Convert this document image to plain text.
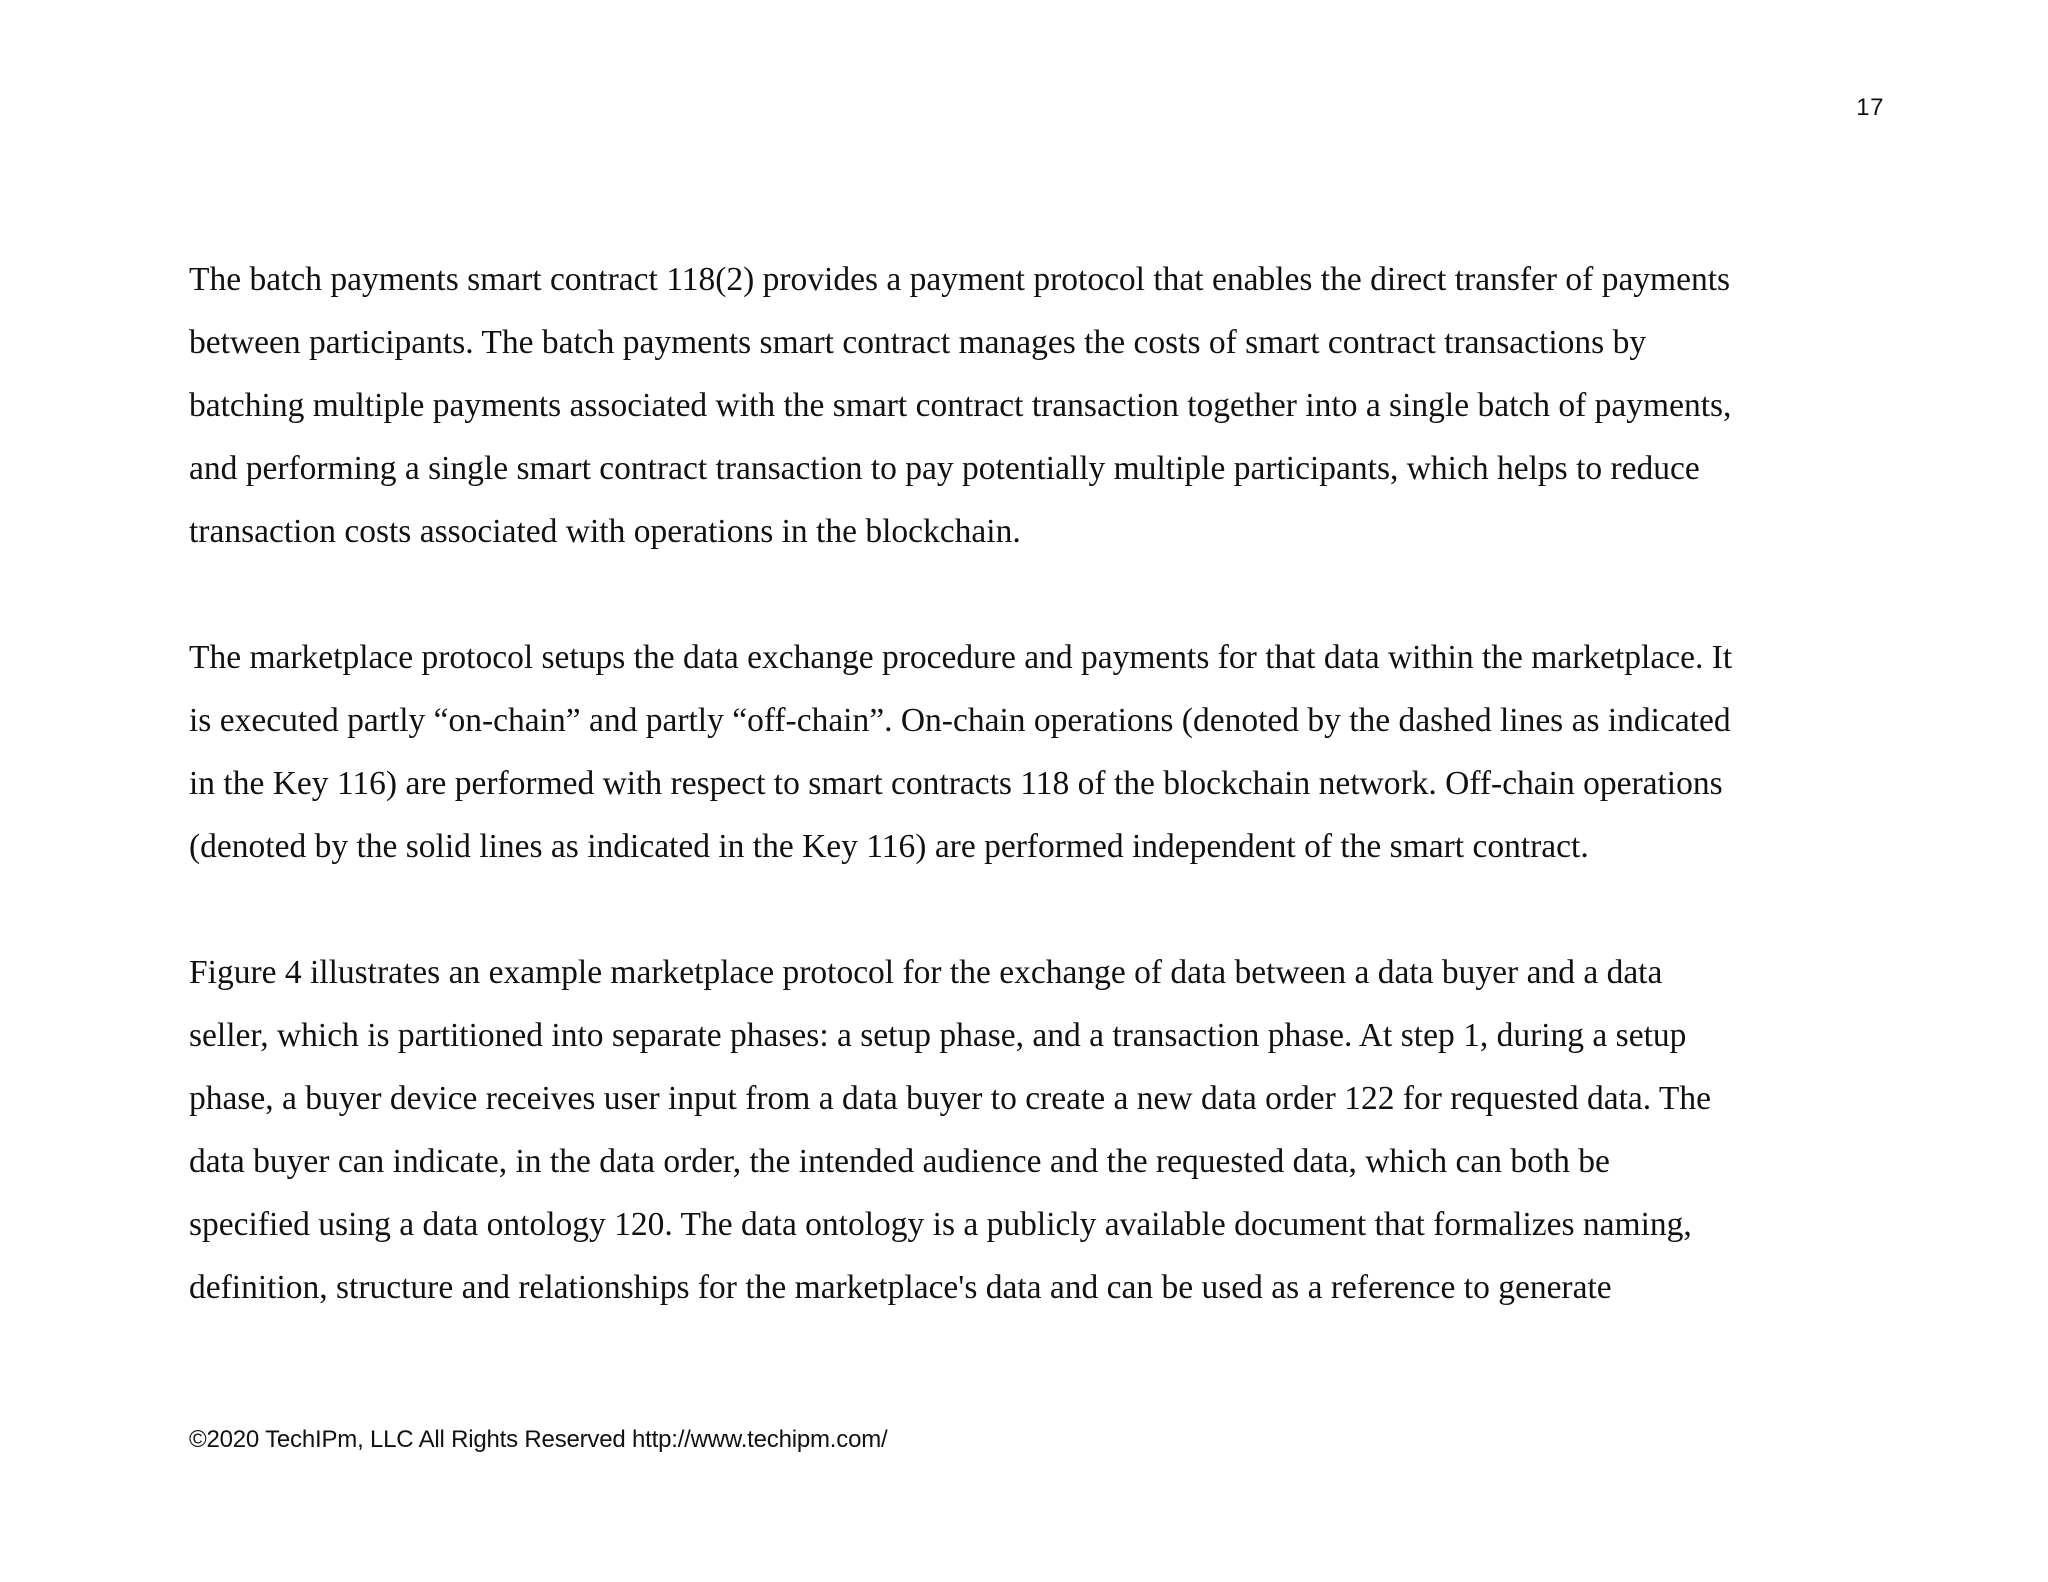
17

The batch payments smart contract 118(2) provides a payment protocol that enables the direct transfer of payments
between participants. The batch payments smart contract manages the costs of smart contract transactions by
batching multiple payments associated with the smart contract transaction together into a single batch of payments,
and performing a single smart contract transaction to pay potentially multiple participants, which helps to reduce
transaction costs associated with operations in the blockchain.

The marketplace protocol setups the data exchange procedure and payments for that data within the marketplace. It
is executed partly “on-chain” and partly “off-chain”. On-chain operations (denoted by the dashed lines as indicated
in the Key 116) are performed with respect to smart contracts 118 of the blockchain network. Off-chain operations
(denoted by the solid lines as indicated in the Key 116) are performed independent of the smart contract.

Figure 4 illustrates an example marketplace protocol for the exchange of data between a data buyer and a data
seller, which is partitioned into separate phases: a setup phase, and a transaction phase. At step 1, during a setup
phase, a buyer device receives user input from a data buyer to create a new data order 122 for requested data. The
data buyer can indicate, in the data order, the intended audience and the requested data, which can both be
specified using a data ontology 120. The data ontology is a publicly available document that formalizes naming,
definition, structure and relationships for the marketplace's data and can be used as a reference to generate

©2020 TechIPm, LLC All Rights Reserved http://www.techipm.com/
